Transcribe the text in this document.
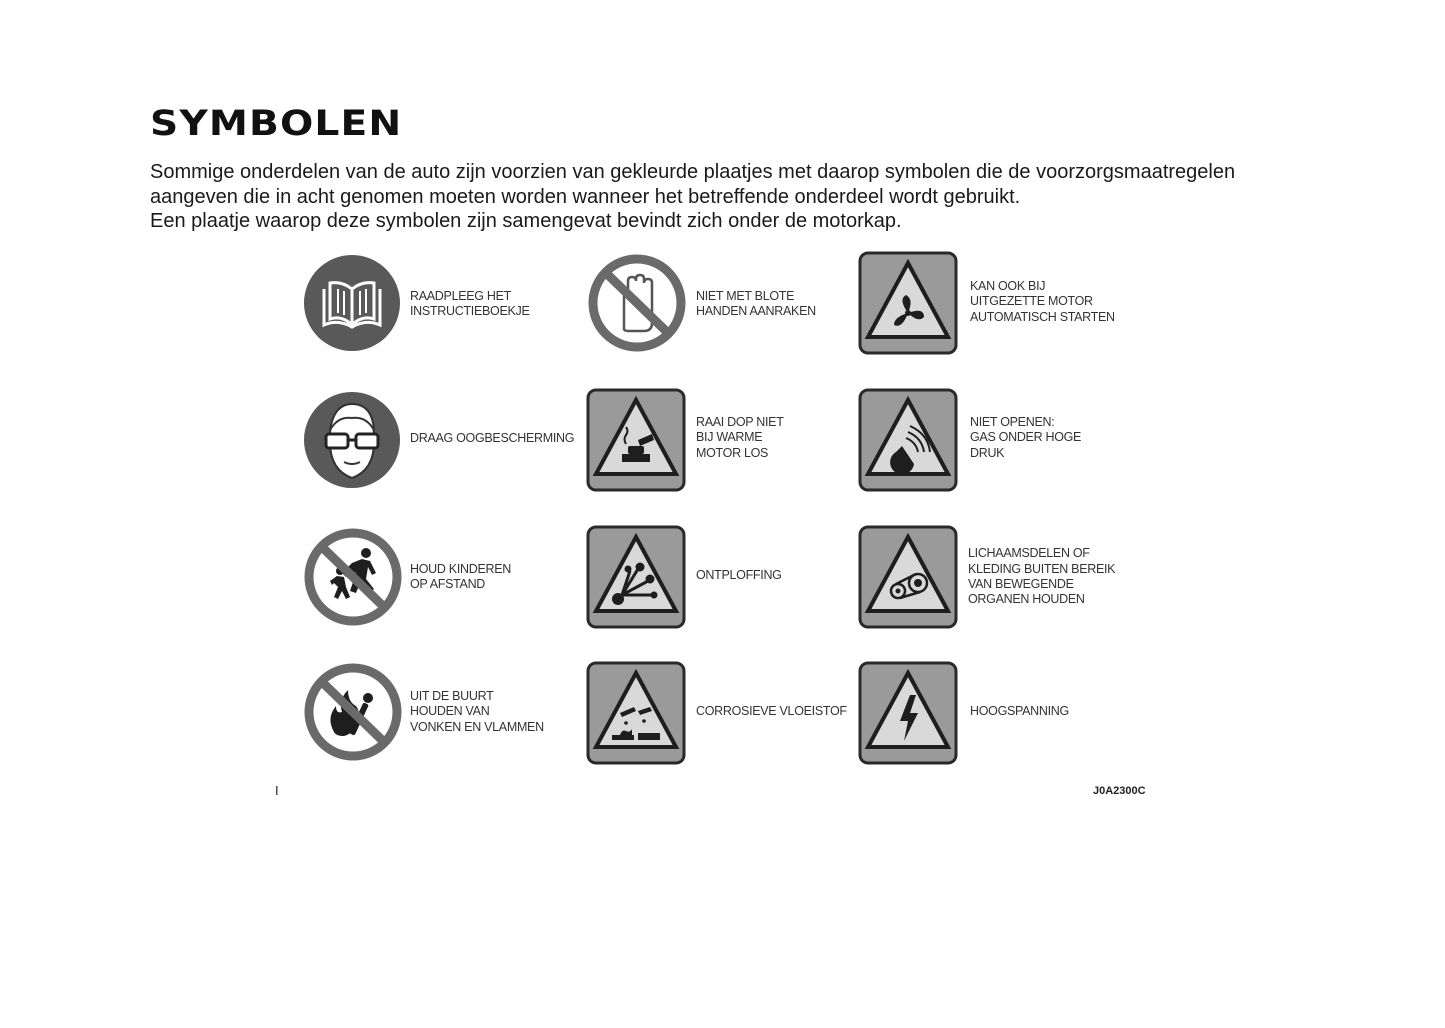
SYMBOLEN

Sommige onderdelen van de auto zijn voorzien van gekleurde plaatjes met daarop symbolen die de voorzorgsmaatregelen aangeven die in acht genomen moeten worden wanneer het betreffende onderdeel wordt gebruikt.

Een plaatje waarop deze symbolen zijn samengevat bevindt zich onder de motorkap.

RAADPLEEG HET
INSTRUCTIEBOEKJE
NIET MET BLOTE
HANDEN AANRAKEN
KAN OOK BIJ
UITGEZETTE MOTOR
AUTOMATISCH STARTEN
DRAAG OOGBESCHERMING
RAAI DOP NIET
BIJ WARME
MOTOR LOS
NIET OPENEN:
GAS ONDER HOGE
DRUK
HOUD KINDEREN
OP AFSTAND
ONTPLOFFING
LICHAAMSDELEN OF
KLEDING BUITEN BEREIK
VAN BEWEGENDE
ORGANEN HOUDEN
UIT DE BUURT
HOUDEN VAN
VONKEN EN VLAMMEN
CORROSIEVE VLOEISTOF	HOOGSPANNING
I	J0A2300C
